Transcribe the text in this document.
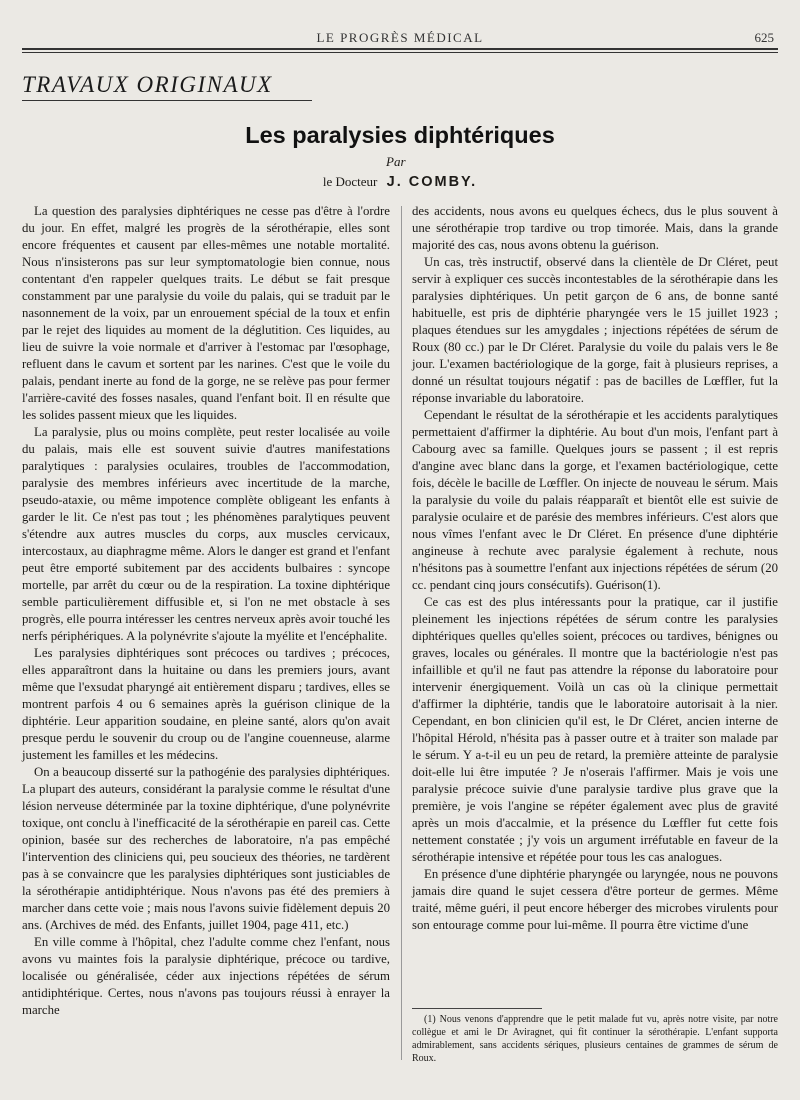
LE PROGRÈS MÉDICAL	625
TRAVAUX ORIGINAUX
Les paralysies diphtériques
Par
le Docteur J. COMBY.

La question des paralysies diphtériques ne cesse pas d'être à l'ordre du jour. En effet, malgré les progrès de la sérothérapie, elles sont encore fréquentes et causent par elles-mêmes une notable mortalité. Nous n'insisterons pas sur leur symptomatologie bien connue, nous contentant d'en rappeler quelques traits. Le début se fait presque constamment par une paralysie du voile du palais, qui se traduit par le nasonnement de la voix, par un enrouement spécial de la toux et enfin par le rejet des liquides au moment de la déglutition. Ces liquides, au lieu de suivre la voie normale et d'arriver à l'estomac par l'œsophage, refluent dans le cavum et sortent par les narines. C'est que le voile du palais, pendant inerte au fond de la gorge, ne se relève pas pour fermer l'arrière-cavité des fosses nasales, quand l'enfant boit. Il en résulte que les solides passent mieux que les liquides.

La paralysie, plus ou moins complète, peut rester localisée au voile du palais, mais elle est souvent suivie d'autres manifestations paralytiques : paralysies oculaires, troubles de l'accommodation, paralysie des membres inférieurs avec incertitude de la marche, pseudo-ataxie, ou même impotence complète obligeant les enfants à garder le lit. Ce n'est pas tout ; les phénomènes paralytiques peuvent s'étendre aux autres muscles du corps, aux muscles cervicaux, intercostaux, au diaphragme même. Alors le danger est grand et l'enfant peut être emporté subitement par des accidents bulbaires : syncope mortelle, par arrêt du cœur ou de la respiration. La toxine diphtérique semble particulièrement diffusible et, si l'on ne met obstacle à ses progrès, elle pourra intéresser les centres nerveux après avoir touché les nerfs périphériques. A la polynévrite s'ajoute la myélite et l'encéphalite.

Les paralysies diphtériques sont précoces ou tardives ; précoces, elles apparaîtront dans la huitaine ou dans les premiers jours, avant même que l'exsudat pharyngé ait entièrement disparu ; tardives, elles se montrent parfois 4 ou 6 semaines après la guérison clinique de la diphtérie. Leur apparition soudaine, en pleine santé, alors qu'on avait presque perdu le souvenir du croup ou de l'angine couenneuse, alarme justement les familles et les médecins.

On a beaucoup disserté sur la pathogénie des paralysies diphtériques. La plupart des auteurs, considérant la paralysie comme le résultat d'une lésion nerveuse déterminée par la toxine diphtérique, d'une polynévrite toxique, ont conclu à l'inefficacité de la sérothérapie en pareil cas. Cette opinion, basée sur des recherches de laboratoire, n'a pas empêché l'intervention des cliniciens qui, peu soucieux des théories, ne tardèrent pas à se convaincre que les paralysies diphtériques sont justiciables de la sérothérapie antidiphtérique. Nous n'avons pas été des premiers à marcher dans cette voie ; mais nous l'avons suivie fidèlement depuis 20 ans. (Archives de méd. des Enfants, juillet 1904, page 411, etc.)

En ville comme à l'hôpital, chez l'adulte comme chez l'enfant, nous avons vu maintes fois la paralysie diphtérique, précoce ou tardive, localisée ou généralisée, céder aux injections répétées de sérum antidiphtérique. Certes, nous n'avons pas toujours réussi à enrayer la marche

des accidents, nous avons eu quelques échecs, dus le plus souvent à une sérothérapie trop tardive ou trop timorée. Mais, dans la grande majorité des cas, nous avons obtenu la guérison.

Un cas, très instructif, observé dans la clientèle de Dr Cléret, peut servir à expliquer ces succès incontestables de la sérothérapie dans les paralysies diphtériques. Un petit garçon de 6 ans, de bonne santé habituelle, est pris de diphtérie pharyngée vers le 15 juillet 1923 ; plaques étendues sur les amygdales ; injections répétées de sérum de Roux (80 cc.) par le Dr Cléret. Paralysie du voile du palais vers le 8e jour. L'examen bactériologique de la gorge, fait à plusieurs reprises, a donné un résultat toujours négatif : pas de bacilles de Lœffler, fut la réponse invariable du laboratoire.

Cependant le résultat de la sérothérapie et les accidents paralytiques permettaient d'affirmer la diphtérie. Au bout d'un mois, l'enfant part à Cabourg avec sa famille. Quelques jours se passent ; il est repris d'angine avec blanc dans la gorge, et l'examen bactériologique, cette fois, décèle le bacille de Lœffler. On injecte de nouveau le sérum. Mais la paralysie du voile du palais réapparaît et bientôt elle est suivie de paralysie oculaire et de parésie des membres inférieurs. C'est alors que nous vîmes l'enfant avec le Dr Cléret. En présence d'une diphtérie angineuse à rechute avec paralysie également à rechute, nous n'hésitons pas à soumettre l'enfant aux injections répétées de sérum (20 cc. pendant cinq jours consécutifs). Guérison(1).

Ce cas est des plus intéressants pour la pratique, car il justifie pleinement les injections répétées de sérum contre les paralysies diphtériques quelles qu'elles soient, précoces ou tardives, bénignes ou graves, locales ou générales. Il montre que la bactériologie n'est pas infaillible et qu'il ne faut pas attendre la réponse du laboratoire pour intervenir énergiquement. Voilà un cas où la clinique permettait d'affirmer la diphtérie, tandis que le laboratoire autorisait à la nier. Cependant, en bon clinicien qu'il est, le Dr Cléret, ancien interne de l'hôpital Hérold, n'hésita pas à passer outre et à traiter son malade par le sérum. Y a-t-il eu un peu de retard, la première atteinte de paralysie doit-elle lui être imputée ? Je n'oserais l'affirmer. Mais je vois une paralysie précoce suivie d'une paralysie tardive plus grave que la première, je vois l'angine se répéter également avec plus de gravité après un mois d'accalmie, et la présence du Lœffler fut cette fois nettement constatée ; j'y vois un argument irréfutable en faveur de la sérothérapie intensive et répétée pour tous les cas analogues.

En présence d'une diphtérie pharyngée ou laryngée, nous ne pouvons jamais dire quand le sujet cessera d'être porteur de germes. Même traité, même guéri, il peut encore héberger des microbes virulents pour son entourage comme pour lui-même. Il pourra être victime d'une

(1) Nous venons d'apprendre que le petit malade fut vu, après notre visite, par notre collègue et ami le Dr Aviragnet, qui fit continuer la sérothérapie. L'enfant supporta admirablement, sans accidents sériques, plusieurs centaines de grammes de sérum de Roux.
